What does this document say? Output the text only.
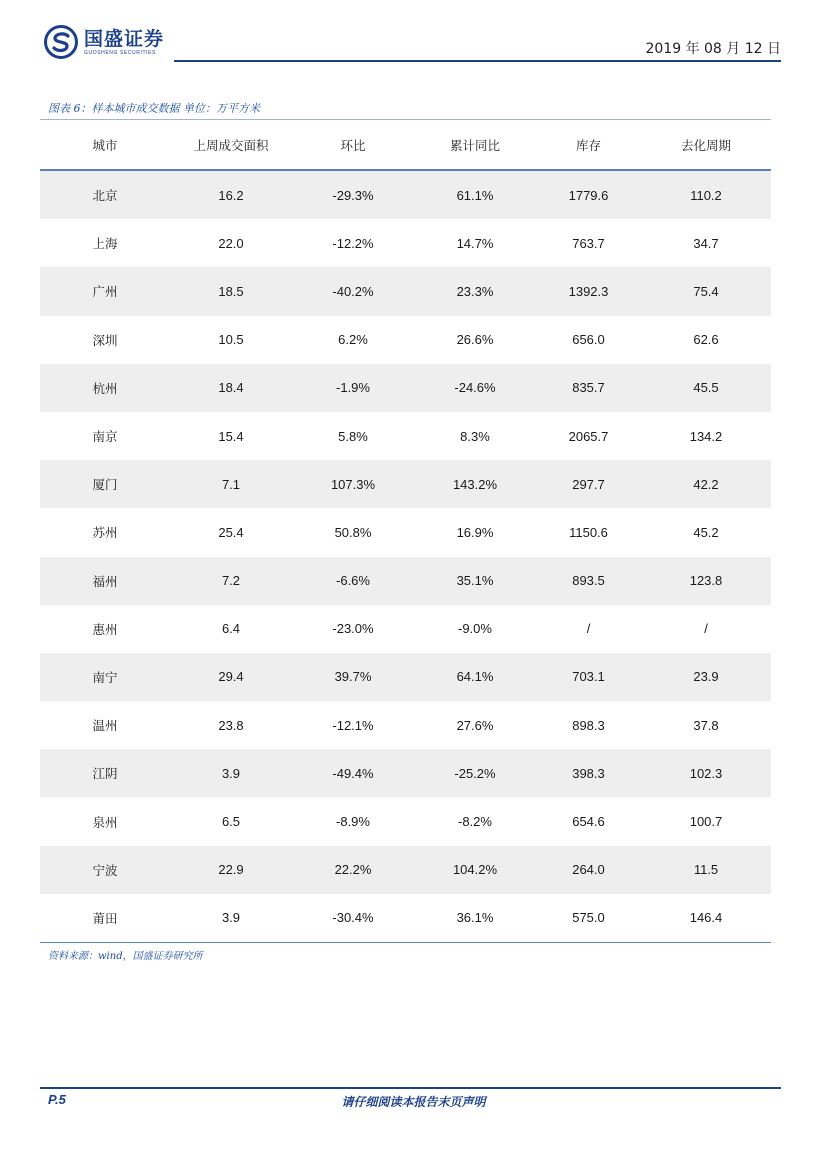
国盛证券
GUOSHENG SECURITIES	2019 年 08 月 12 日
图表 6：样本城市成交数据 单位：万平方米
城市	上周成交面积	环比	累计同比	库存	去化周期
北京	16.2	-29.3%	61.1%	1779.6	110.2
上海	22.0	-12.2%	14.7%	763.7	34.7
广州	18.5	-40.2%	23.3%	1392.3	75.4
深圳	10.5	6.2%	26.6%	656.0	62.6
杭州	18.4	-1.9%	-24.6%	835.7	45.5
南京	15.4	5.8%	8.3%	2065.7	134.2
厦门	7.1	107.3%	143.2%	297.7	42.2
苏州	25.4	50.8%	16.9%	1150.6	45.2
福州	7.2	-6.6%	35.1%	893.5	123.8
惠州	6.4	-23.0%	-9.0%	/	/
南宁	29.4	39.7%	64.1%	703.1	23.9
温州	23.8	-12.1%	27.6%	898.3	37.8
江阴	3.9	-49.4%	-25.2%	398.3	102.3
泉州	6.5	-8.9%	-8.2%	654.6	100.7
宁波	22.9	22.2%	104.2%	264.0	11.5
莆田	3.9	-30.4%	36.1%	575.0	146.4
资料来源：wind，国盛证券研究所
P.5	请仔细阅读本报告末页声明
